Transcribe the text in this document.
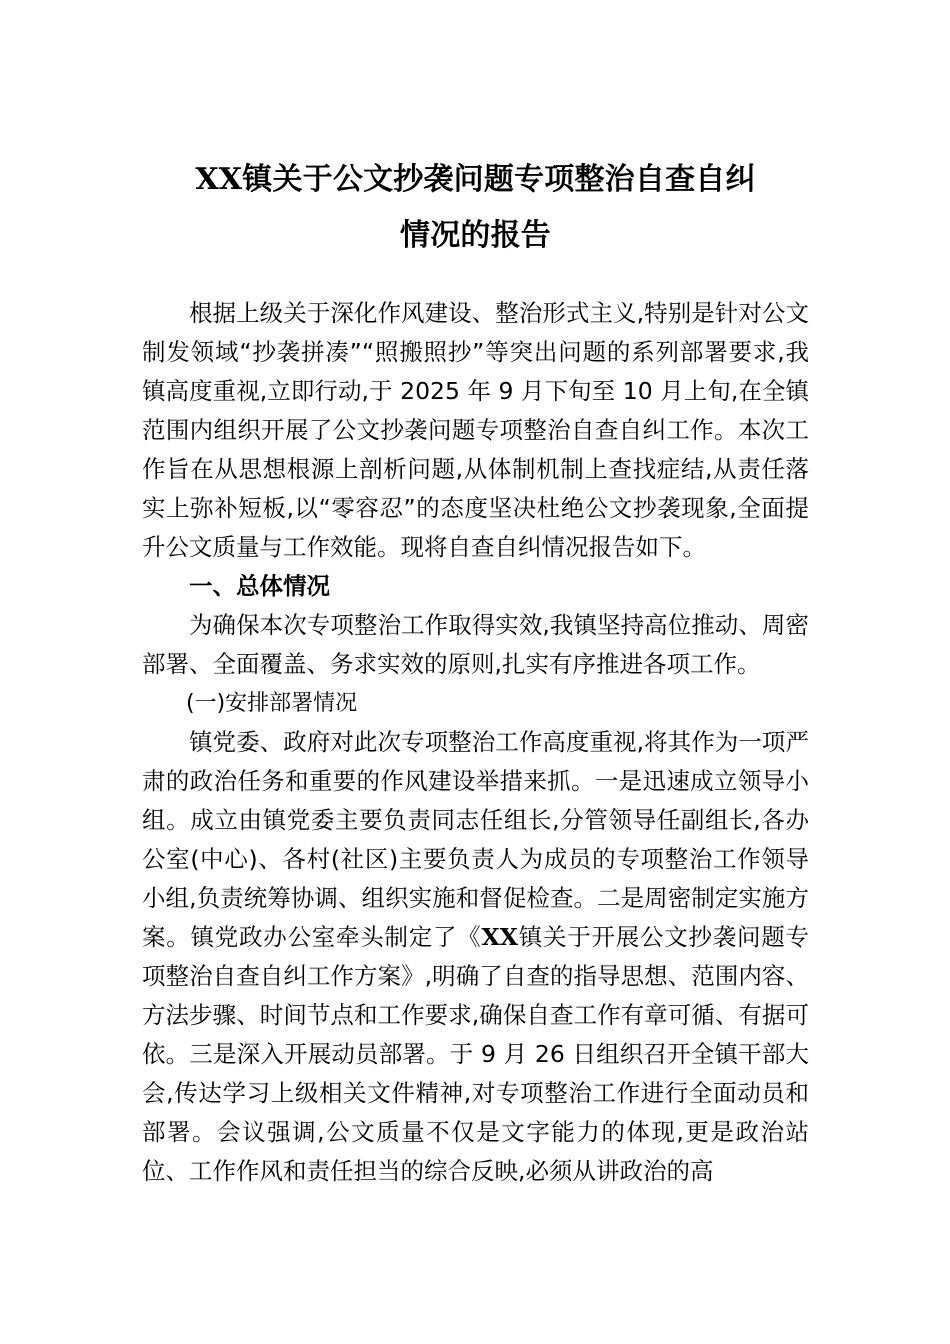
XX镇关于公文抄袭问题专项整治自查自纠
情况的报告

根据上级关于深化作风建设、整治形式主义,特别是针对公文制发领域“抄袭拼凑”“照搬照抄”等突出问题的系列部署要求,我镇高度重视,立即行动,于 2025 年 9 月下旬至 10 月上旬,在全镇范围内组织开展了公文抄袭问题专项整治自查自纠工作。本次工作旨在从思想根源上剖析问题,从体制机制上查找症结,从责任落实上弥补短板,以“零容忍”的态度坚决杜绝公文抄袭现象,全面提升公文质量与工作效能。现将自查自纠情况报告如下。

一、总体情况

为确保本次专项整治工作取得实效,我镇坚持高位推动、周密部署、全面覆盖、务求实效的原则,扎实有序推进各项工作。

(一)安排部署情况

镇党委、政府对此次专项整治工作高度重视,将其作为一项严肃的政治任务和重要的作风建设举措来抓。一是迅速成立领导小组。成立由镇党委主要负责同志任组长,分管领导任副组长,各办公室(中心)、各村(社区)主要负责人为成员的专项整治工作领导小组,负责统筹协调、组织实施和督促检查。二是周密制定实施方案。镇党政办公室牵头制定了《XX镇关于开展公文抄袭问题专项整治自查自纠工作方案》,明确了自查的指导思想、范围内容、方法步骤、时间节点和工作要求,确保自查工作有章可循、有据可依。三是深入开展动员部署。于 9 月 26 日组织召开全镇干部大会,传达学习上级相关文件精神,对专项整治工作进行全面动员和部署。会议强调,公文质量不仅是文字能力的体现,更是政治站位、工作作风和责任担当的综合反映,必须从讲政治的高
